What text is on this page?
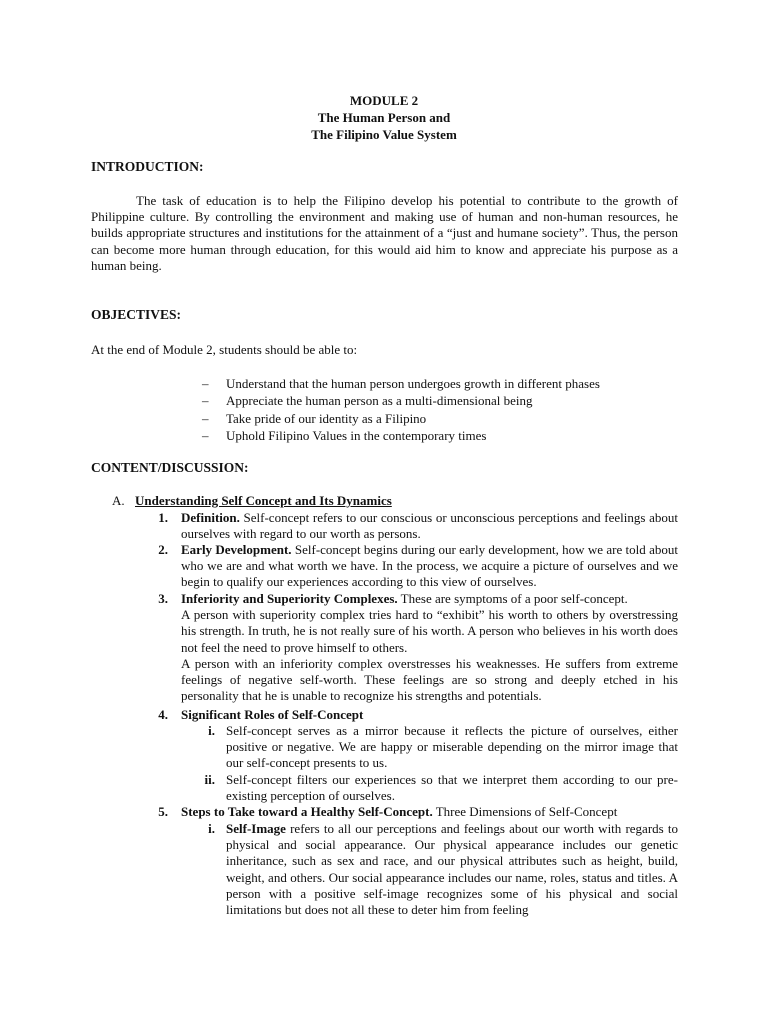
MODULE 2
The Human Person and
The Filipino Value System
INTRODUCTION:
The task of education is to help the Filipino develop his potential to contribute to the growth of Philippine culture. By controlling the environment and making use of human and non-human resources, he builds appropriate structures and institutions for the attainment of a “just and humane society”. Thus, the person can become more human through education, for this would aid him to know and appreciate his purpose as a human being.
OBJECTIVES:
At the end of Module 2, students should be able to:
–	Understand that the human person undergoes growth in different phases
–	Appreciate the human person as a multi-dimensional being
–	Take pride of our identity as a Filipino
–	Uphold Filipino Values in the contemporary times
CONTENT/DISCUSSION:
A. Understanding Self Concept and Its Dynamics
1. Definition. Self-concept refers to our conscious or unconscious perceptions and feelings about ourselves with regard to our worth as persons.
2. Early Development. Self-concept begins during our early development, how we are told about who we are and what worth we have. In the process, we acquire a picture of ourselves and we begin to qualify our experiences according to this view of ourselves.
3. Inferiority and Superiority Complexes. These are symptoms of a poor self-concept.
A person with superiority complex tries hard to “exhibit” his worth to others by overstressing his strength. In truth, he is not really sure of his worth. A person who believes in his worth does not feel the need to prove himself to others.
A person with an inferiority complex overstresses his weaknesses. He suffers from extreme feelings of negative self-worth. These feelings are so strong and deeply etched in his personality that he is unable to recognize his strengths and potentials.
4. Significant Roles of Self-Concept
i. Self-concept serves as a mirror because it reflects the picture of ourselves, either positive or negative. We are happy or miserable depending on the mirror image that our self-concept presents to us.
ii. Self-concept filters our experiences so that we interpret them according to our pre-existing perception of ourselves.
5. Steps to Take toward a Healthy Self-Concept. Three Dimensions of Self-Concept
i. Self-Image refers to all our perceptions and feelings about our worth with regards to physical and social appearance. Our physical appearance includes our genetic inheritance, such as sex and race, and our physical attributes such as height, build, weight, and others. Our social appearance includes our name, roles, status and titles. A person with a positive self-image recognizes some of his physical and social limitations but does not all these to deter him from feeling
